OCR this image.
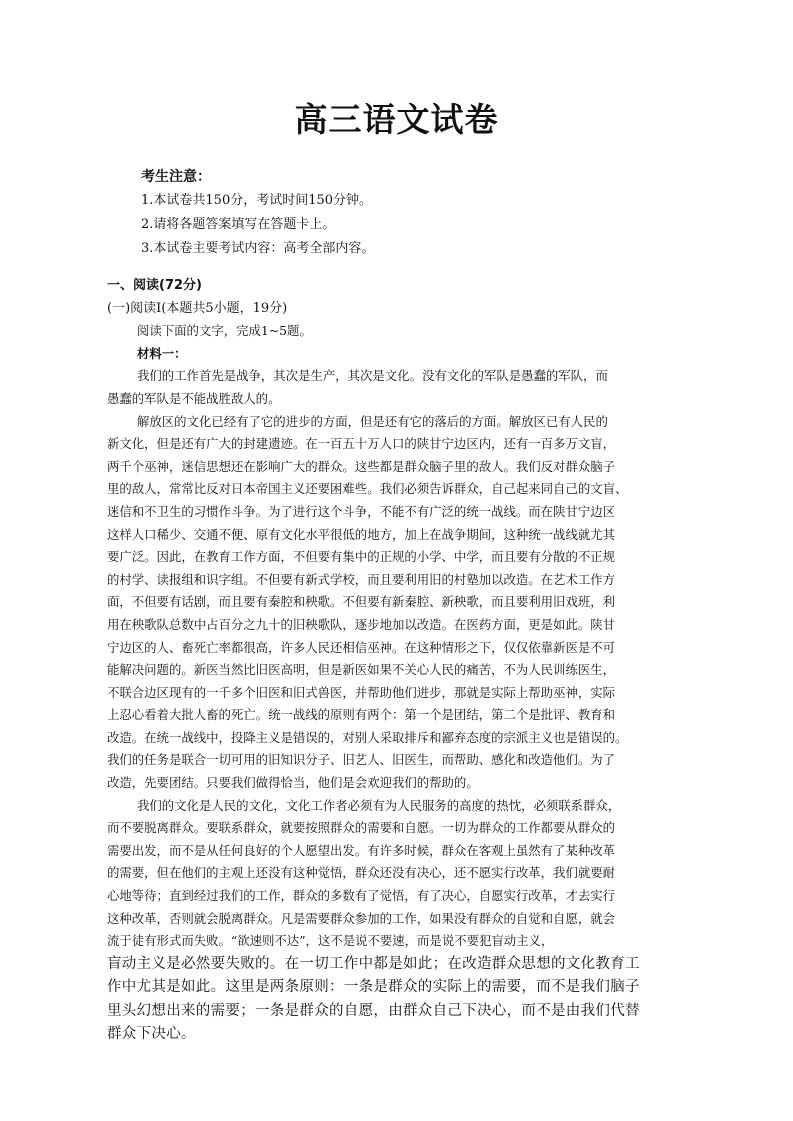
高三语文试卷
考生注意：
1.本试卷共150分，考试时间150分钟。
2.请将各题答案填写在答题卡上。
3.本试卷主要考试内容：高考全部内容。
一、阅读(72分)
(一)阅读Ⅰ(本题共5小题，19分)
阅读下面的文字，完成1~5题。
材料一：
我们的工作首先是战争，其次是生产，其次是文化。没有文化的军队是愚蠢的军队，而
愚蠢的军队是不能战胜敌人的。
解放区的文化已经有了它的进步的方面，但是还有它的落后的方面。解放区已有人民的
新文化，但是还有广大的封建遗迹。在一百五十万人口的陕甘宁边区内，还有一百多万文盲，
两千个巫神，迷信思想还在影响广大的群众。这些都是群众脑子里的敌人。我们反对群众脑子
里的敌人，常常比反对日本帝国主义还要困难些。我们必须告诉群众，自己起来同自己的文盲、
迷信和不卫生的习惯作斗争。为了进行这个斗争，不能不有广泛的统一战线。而在陕甘宁边区
这样人口稀少、交通不便、原有文化水平很低的地方，加上在战争期间，这种统一战线就尤其
要广泛。因此，在教育工作方面，不但要有集中的正规的小学、中学，而且要有分散的不正规
的村学、读报组和识字组。不但要有新式学校，而且要利用旧的村塾加以改造。在艺术工作方
面，不但要有话剧，而且要有秦腔和秧歌。不但要有新秦腔、新秧歌，而且要利用旧戏班，利
用在秧歌队总数中占百分之九十的旧秧歌队，逐步地加以改造。在医药方面，更是如此。陕甘
宁边区的人、畜死亡率都很高，许多人民还相信巫神。在这种情形之下，仅仅依靠新医是不可
能解决问题的。新医当然比旧医高明，但是新医如果不关心人民的痛苦，不为人民训练医生，
不联合边区现有的一千多个旧医和旧式兽医，并帮助他们进步，那就是实际上帮助巫神，实际
上忍心看着大批人畜的死亡。统一战线的原则有两个：第一个是团结，第二个是批评、教育和
改造。在统一战线中，投降主义是错误的，对别人采取排斥和鄙弃态度的宗派主义也是错误的。
我们的任务是联合一切可用的旧知识分子、旧艺人、旧医生，而帮助、感化和改造他们。为了
改造，先要团结。只要我们做得恰当，他们是会欢迎我们的帮助的。
我们的文化是人民的文化，文化工作者必须有为人民服务的高度的热忱，必须联系群众，
而不要脱离群众。要联系群众，就要按照群众的需要和自愿。一切为群众的工作都要从群众的
需要出发，而不是从任何良好的个人愿望出发。有许多时候，群众在客观上虽然有了某种改革
的需要，但在他们的主观上还没有这种觉悟，群众还没有决心，还不愿实行改革，我们就要耐
心地等待；直到经过我们的工作，群众的多数有了觉悟，有了决心，自愿实行改革，才去实行
这种改革，否则就会脱离群众。凡是需要群众参加的工作，如果没有群众的自觉和自愿，就会
流于徒有形式而失败。“欲速则不达”，这不是说不要速，而是说不要犯盲动主义，
盲动主义是必然要失败的。在一切工作中都是如此；在改造群众思想的文化教育工
作中尤其是如此。这里是两条原则：一条是群众的实际上的需要，而不是我们脑子
里头幻想出来的需要；一条是群众的自愿，由群众自己下决心，而不是由我们代替
群众下决心。
